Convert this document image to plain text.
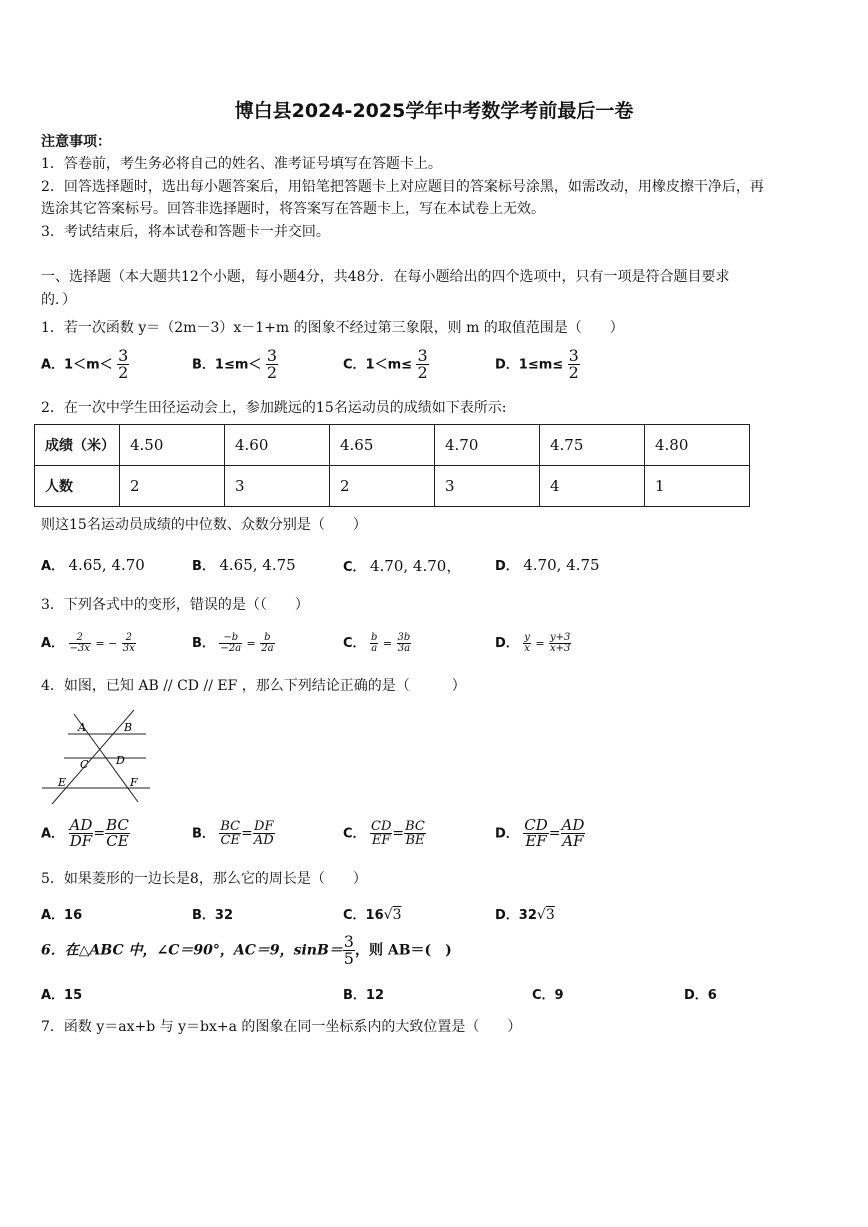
博白县2024-2025学年中考数学考前最后一卷
注意事项：
1．答卷前，考生务必将自己的姓名、准考证号填写在答题卡上。
2．回答选择题时，选出每小题答案后，用铅笔把答题卡上对应题目的答案标号涂黑，如需改动，用橡皮擦干净后，再
选涂其它答案标号。回答非选择题时，将答案写在答题卡上，写在本试卷上无效。
3．考试结束后，将本试卷和答题卡一并交回。
一、选择题（本大题共12个小题，每小题4分，共48分．在每小题给出的四个选项中，只有一项是符合题目要求
的．）
1．若一次函数 y＝（2m－3）x－1+m 的图象不经过第三象限，则 m 的取值范围是（　　）
A．$1<m< \frac{3}{2}$	B．$1\le m< \frac{3}{2}$	C．$1<m\le \frac{3}{2}$	D．$1\le m\le \frac{3}{2}$
2．在一次中学生田径运动会上，参加跳远的15名运动员的成绩如下表所示:
成绩（米）	4.50	4.60	4.65	4.70	4.75	4.80
人数	2	3	2	3	4	1
则这15名运动员成绩的中位数、众数分别是（　　）
A． 4.65, 4.70	B． 4.65, 4.75	C． 4.70, 4.70，	D． 4.70, 4.75
3．下列各式中的变形，错误的是（（　　）
A． $\frac{2}{-3x}$ = − $\frac{2}{3x}$	B． $\frac{-b}{-2a} = \frac{b}{2a}$	C． $\frac{b}{a} = \frac{3b}{3a}$	D． $\frac{y}{x} = \frac{y+3}{x+3}$
4．如图，已知 AB // CD // EF ，那么下列结论正确的是（　　　）
A	B
C	D
E	F
A． $\frac{AD}{DF} = \frac{BC}{CE}$	B． $\frac{BC}{CE} = \frac{DF}{AD}$	C． $\frac{CD}{EF} = \frac{BC}{BE}$	D． $\frac{CD}{EF} = \frac{AD}{AF}$
5．如果菱形的一边长是8，那么它的周长是（　　）
A．16	B．32	C．16√3	D．32√3
6．在△ABC 中，∠C＝90°，AC＝9，$\sin B= \frac{3}{5}$ ，则 AB＝(　)
A．15	B．12	C．9	D．6
7．函数 y＝ax+b 与 y＝bx+a 的图象在同一坐标系内的大致位置是（　　）
